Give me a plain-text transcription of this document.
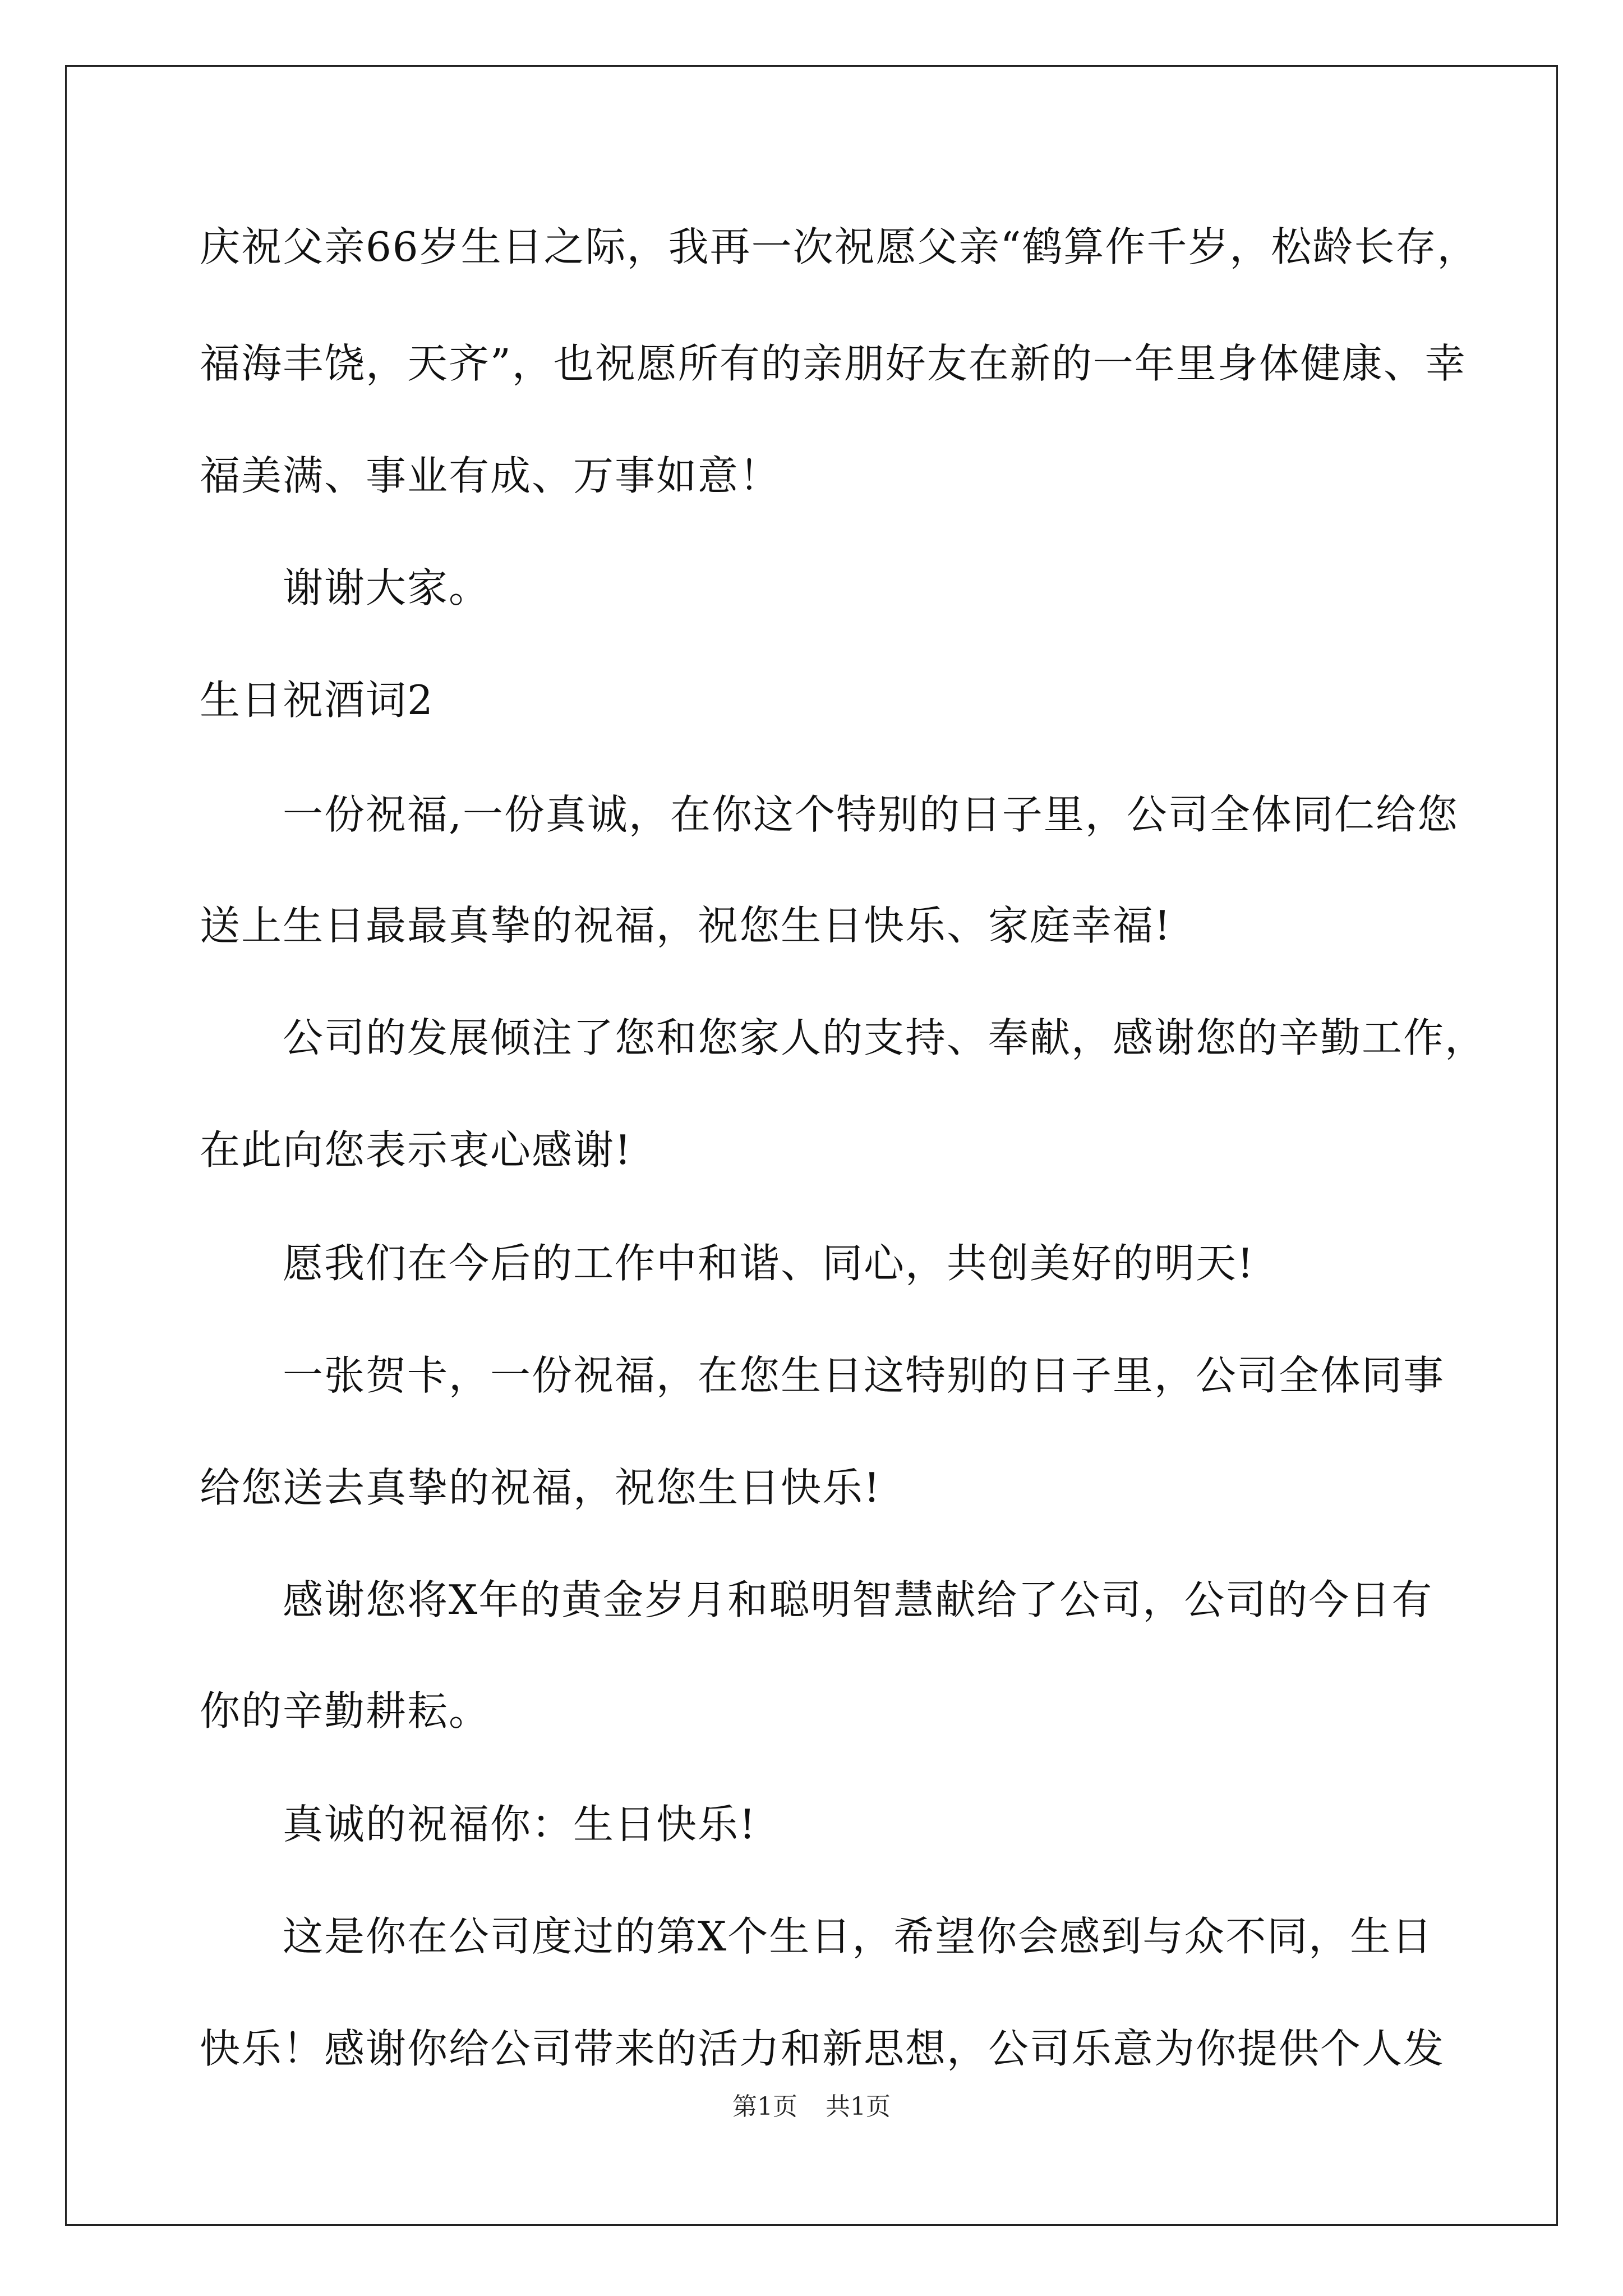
庆祝父亲66岁生日之际，我再一次祝愿父亲“鹤算作千岁，松龄长存，
福海丰饶，天齐”，也祝愿所有的亲朋好友在新的一年里身体健康、幸
福美满、事业有成、万事如意！
谢谢大家。
生日祝酒词2
一份祝福,一份真诚，在你这个特别的日子里，公司全体同仁给您
送上生日最最真挚的祝福，祝您生日快乐、家庭幸福!
公司的发展倾注了您和您家人的支持、奉献，感谢您的辛勤工作，
在此向您表示衷心感谢!
愿我们在今后的工作中和谐、同心，共创美好的明天!
一张贺卡，一份祝福，在您生日这特别的日子里，公司全体同事
给您送去真挚的祝福，祝您生日快乐!
感谢您将X年的黄金岁月和聪明智慧献给了公司，公司的今日有
你的辛勤耕耘。
真诚的祝福你：生日快乐!
这是你在公司度过的第X个生日，希望你会感到与众不同，生日
快乐！感谢你给公司带来的活力和新思想，公司乐意为你提供个人发
第1页 共1页
